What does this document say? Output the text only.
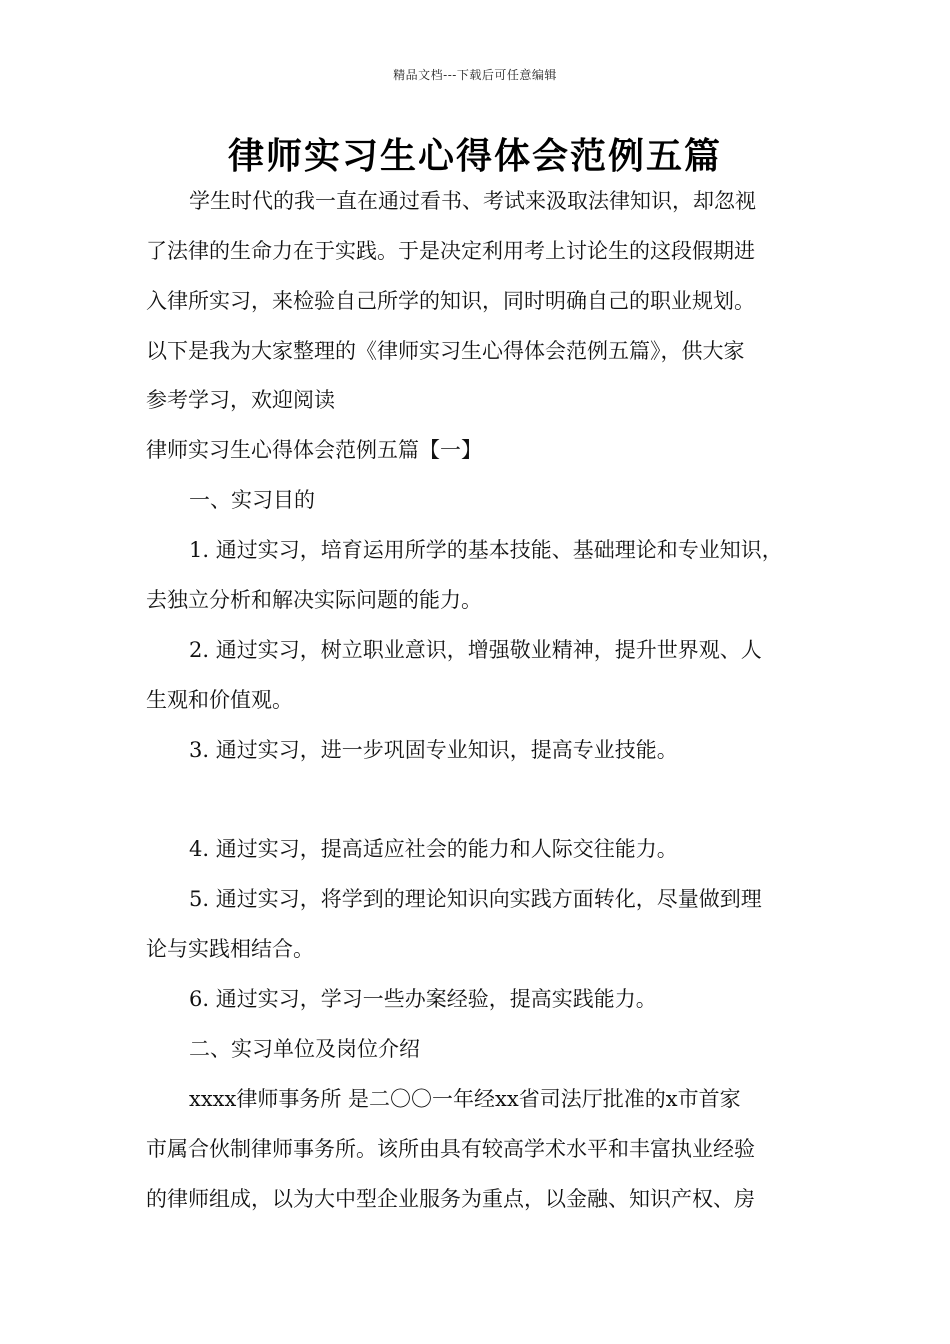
精品文档---下载后可任意编辑
律师实习生心得体会范例五篇
学生时代的我一直在通过看书、考试来汲取法律知识，却忽视
了法律的生命力在于实践。于是决定利用考上讨论生的这段假期进
入律所实习，来检验自己所学的知识，同时明确自己的职业规划。
以下是我为大家整理的《律师实习生心得体会范例五篇》，供大家
参考学习，欢迎阅读
律师实习生心得体会范例五篇【一】
一、实习目的
1. 通过实习，培育运用所学的基本技能、基础理论和专业知识，
去独立分析和解决实际问题的能力。
2. 通过实习，树立职业意识，增强敬业精神，提升世界观、人
生观和价值观。
3. 通过实习，进一步巩固专业知识，提高专业技能。
4. 通过实习，提高适应社会的能力和人际交往能力。
5. 通过实习，将学到的理论知识向实践方面转化，尽量做到理
论与实践相结合。
6. 通过实习，学习一些办案经验，提高实践能力。
二、实习单位及岗位介绍
xxxx律师事务所 是二〇〇一年经xx省司法厅批准的x市首家
市属合伙制律师事务所。该所由具有较高学术水平和丰富执业经验
的律师组成，以为大中型企业服务为重点，以金融、知识产权、房
